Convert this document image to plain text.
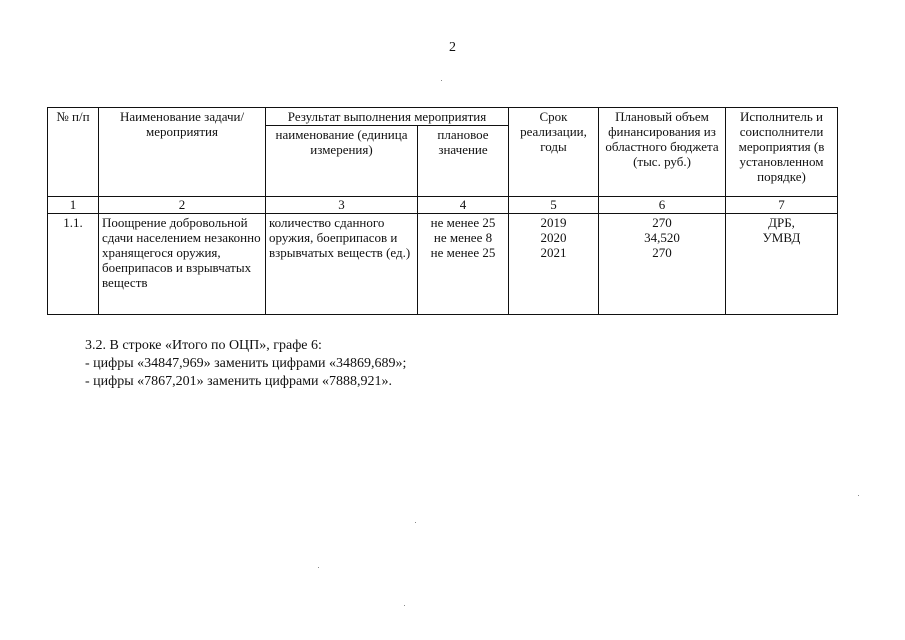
2
№ п/п	Наименование задачи/ мероприятия	Результат выполнения мероприятия		Срок реализации, годы	Плановый объем финансирования из областного бюджета (тыс. руб.)	Исполнитель и соисполнители мероприятия (в установленном порядке)
		наименование (единица измерения)	плановое значение			
1	2	3	4	5	6	7
1.1.	Поощрение добровольной сдачи населением незаконно хранящегося оружия, боеприпасов и взрывчатых веществ	количество сданного оружия, боеприпасов и взрывчатых веществ (ед.)	не менее 25
не менее 8
не менее 25	2019
2020
2021	270
34,520
270	ДРБ,
УМВД
3.2. В строке «Итого по ОЦП», графе 6:
- цифры «34847,969» заменить цифрами «34869,689»;
- цифры «7867,201» заменить цифрами «7888,921».
